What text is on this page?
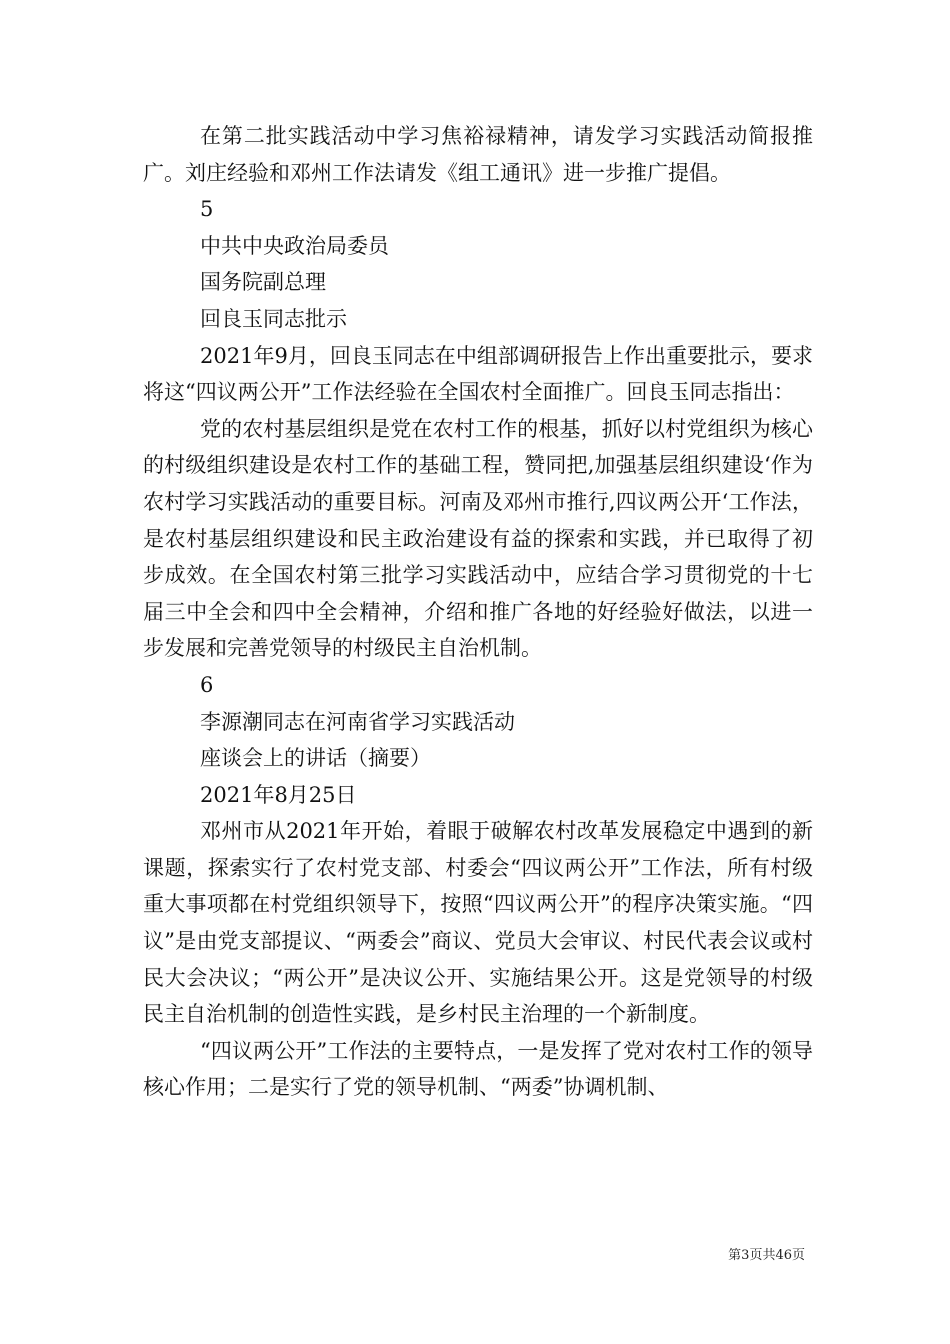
在第二批实践活动中学习焦裕禄精神，请发学习实践活动简报推广。刘庄经验和邓州工作法请发《组工通讯》进一步推广提倡。

5

中共中央政治局委员

国务院副总理

回良玉同志批示

2021年9月，回良玉同志在中组部调研报告上作出重要批示，要求将这“四议两公开”工作法经验在全国农村全面推广。回良玉同志指出：

党的农村基层组织是党在农村工作的根基，抓好以村党组织为核心的村级组织建设是农村工作的基础工程，赞同把,加强基层组织建设‘作为农村学习实践活动的重要目标。河南及邓州市推行,四议两公开‘工作法，是农村基层组织建设和民主政治建设有益的探索和实践，并已取得了初步成效。在全国农村第三批学习实践活动中，应结合学习贯彻党的十七届三中全会和四中全会精神，介绍和推广各地的好经验好做法，以进一步发展和完善党领导的村级民主自治机制。

6

李源潮同志在河南省学习实践活动

座谈会上的讲话（摘要）

2021年8月25日

邓州市从2021年开始，着眼于破解农村改革发展稳定中遇到的新课题，探索实行了农村党支部、村委会“四议两公开”工作法，所有村级重大事项都在村党组织领导下，按照“四议两公开”的程序决策实施。“四议”是由党支部提议、“两委会”商议、党员大会审议、村民代表会议或村民大会决议；“两公开”是决议公开、实施结果公开。这是党领导的村级民主自治机制的创造性实践，是乡村民主治理的一个新制度。

“四议两公开”工作法的主要特点，一是发挥了党对农村工作的领导核心作用；二是实行了党的领导机制、“两委”协调机制、

第3页共46页
